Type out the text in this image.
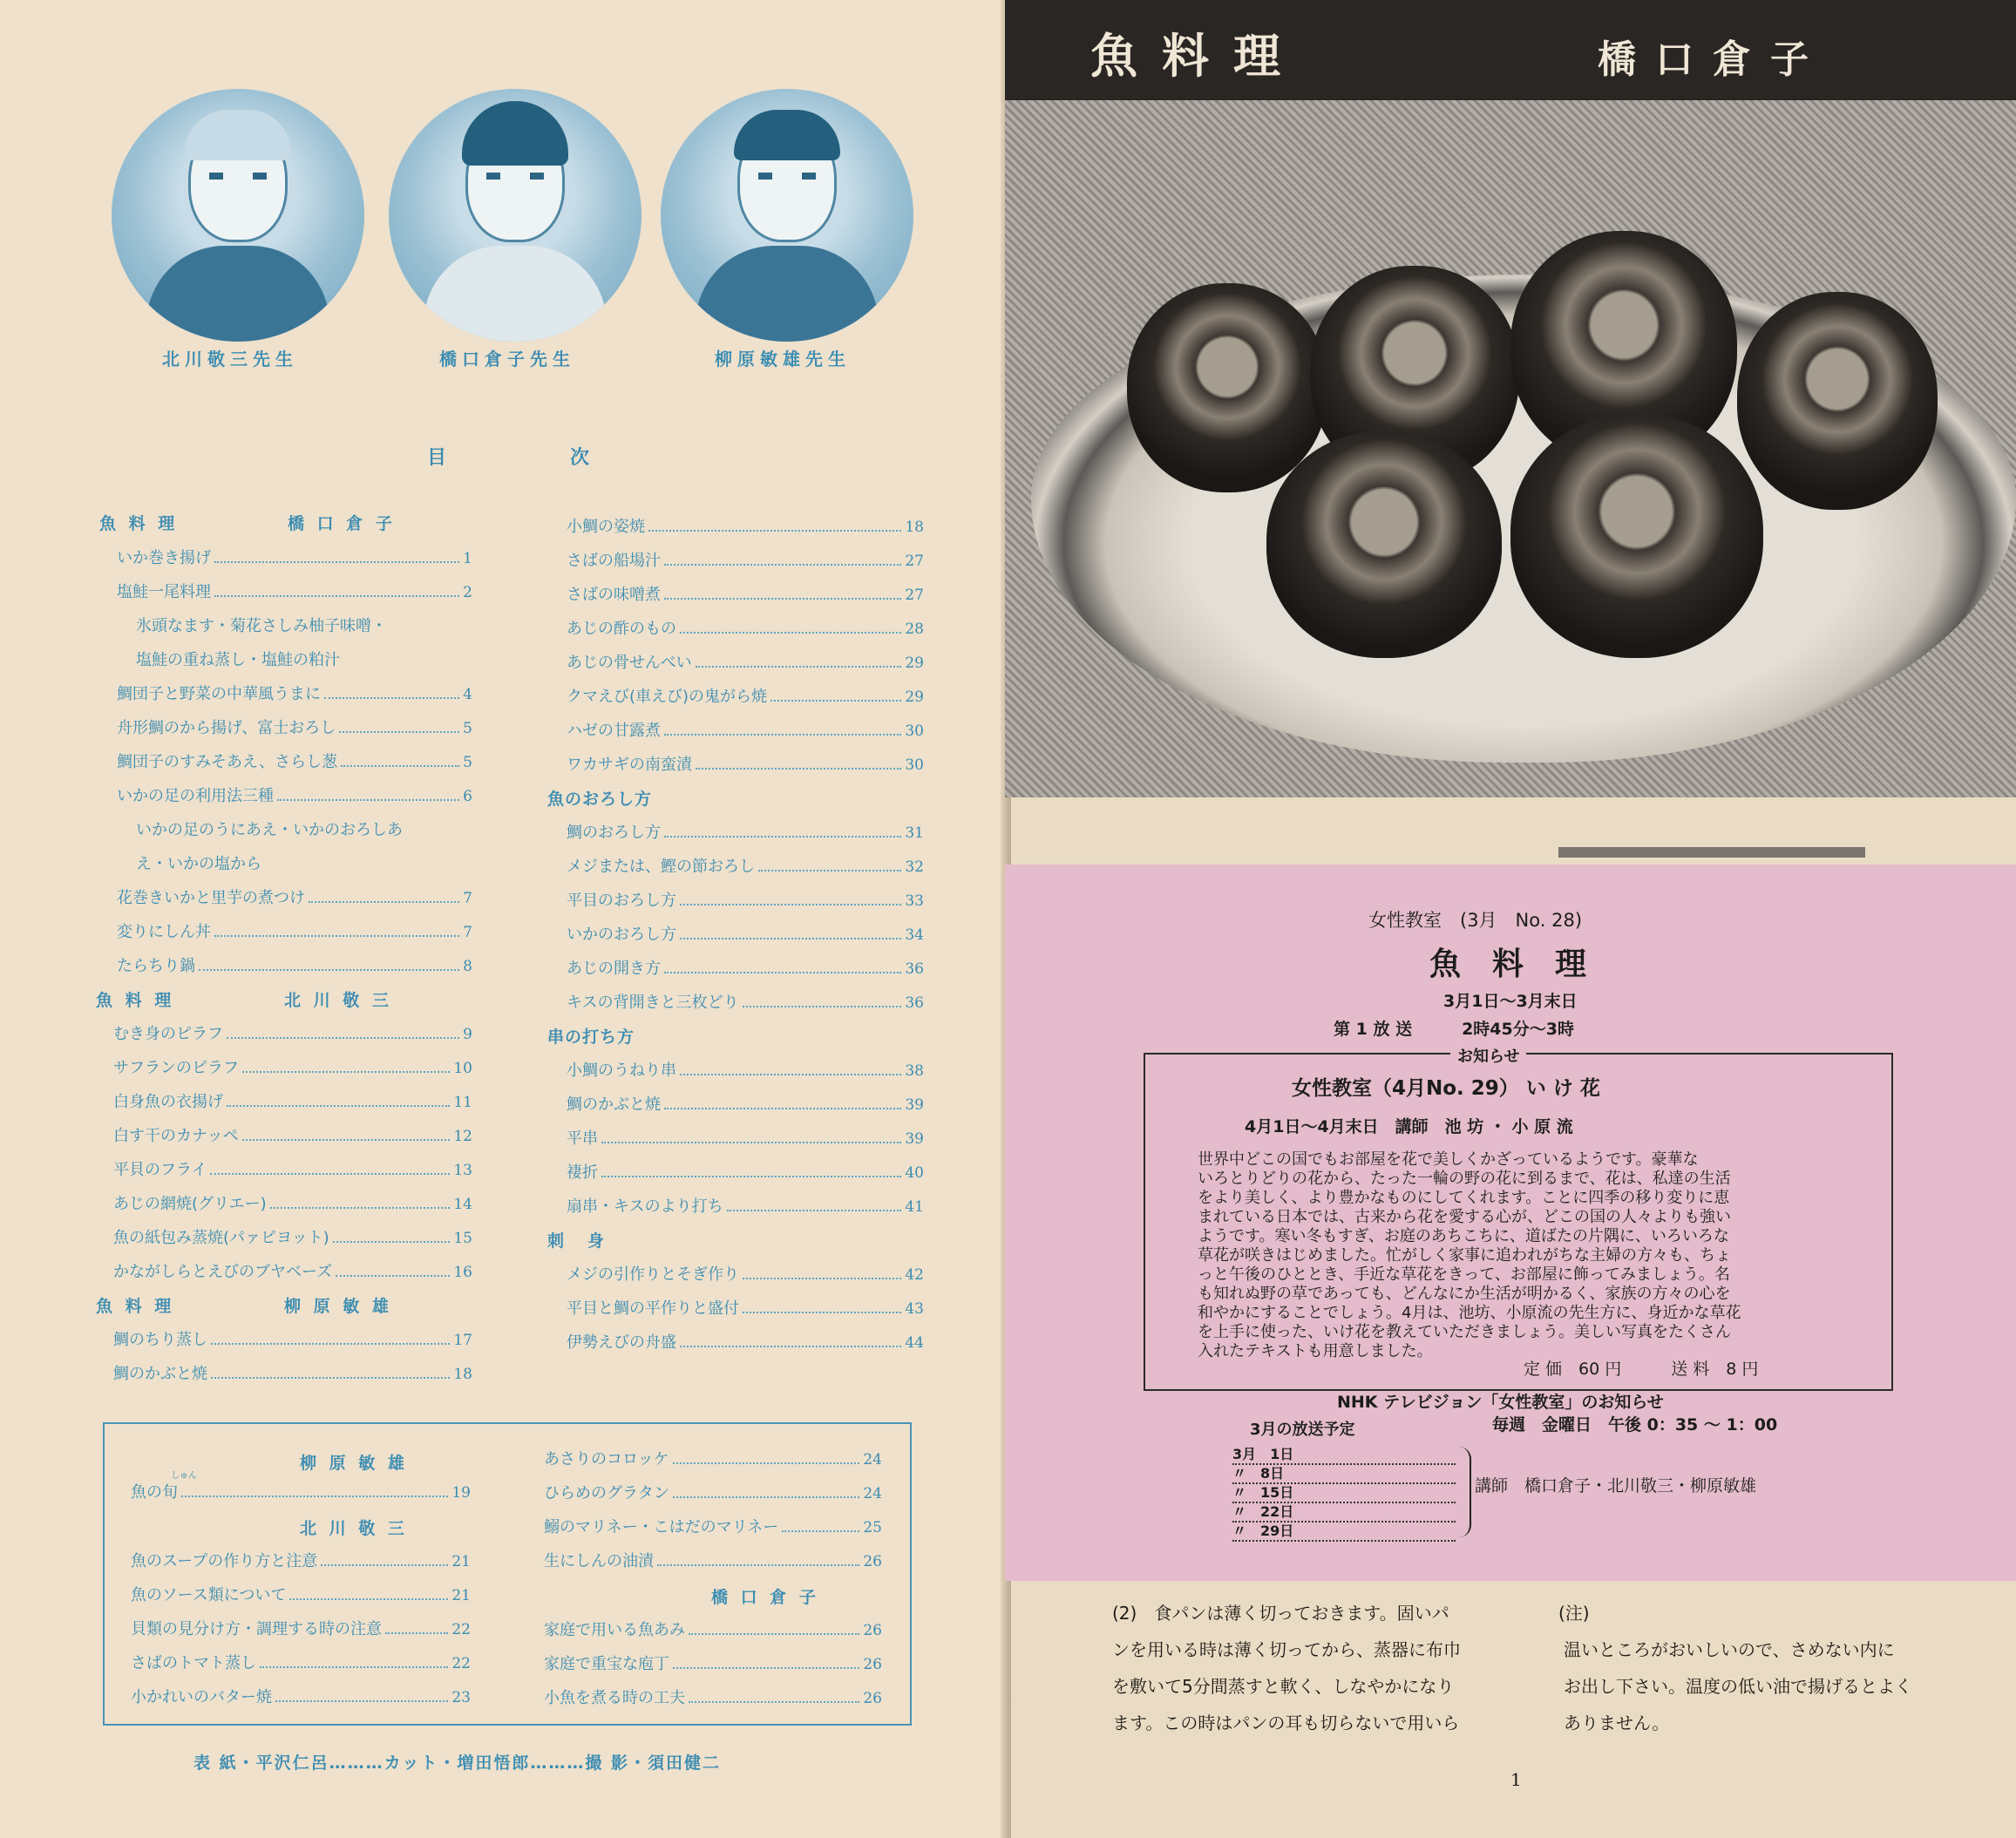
北川敬三先生	橋口倉子先生	柳原敏雄先生
目	次
魚 料 理	橋 口 倉 子
いか巻き揚げ	1
塩鮭一尾料理	2
氷頭なます・菊花さしみ柚子味噌・
塩鮭の重ね蒸し・塩鮭の粕汁
鯛団子と野菜の中華風うまに	4
舟形鯛のから揚げ、富士おろし	5
鯛団子のすみそあえ、さらし葱	5
いかの足の利用法三種	6
いかの足のうにあえ・いかのおろしあ
え・いかの塩から
花巻きいかと里芋の煮つけ	7
変りにしん丼	7
たらちり鍋	8
魚 料 理	北 川 敬 三
むき身のピラフ	9
サフランのピラフ	10
白身魚の衣揚げ	11
白す干のカナッペ	12
平貝のフライ	13
あじの網焼(グリエー)	14
魚の紙包み蒸焼(パァピヨット)	15
かながしらとえびのブヤベーズ	16
魚 料 理	柳 原 敏 雄
鯛のちり蒸し	17
鯛のかぶと焼	18
小鯛の姿焼	18
さばの船場汁	27
さばの味噌煮	27
あじの酢のもの	28
あじの骨せんべい	29
クマえび(車えび)の鬼がら焼	29
ハゼの甘露煮	30
ワカサギの南蛮漬	30
魚のおろし方
鯛のおろし方	31
メジまたは、鰹の節おろし	32
平目のおろし方	33
いかのおろし方	34
あじの開き方	36
キスの背開きと三枚どり	36
串の打ち方
小鯛のうねり串	38
鯛のかぶと焼	39
平串	39
褄折	40
扇串・キスのより打ち	41
刺　身
メジの引作りとそぎ作り	42
平目と鯛の平作りと盛付	43
伊勢えびの舟盛	44
柳 原 敏 雄
しゅん
魚の旬	19
北 川 敬 三
魚のスープの作り方と注意	21
魚のソース類について	21
貝類の見分け方・調理する時の注意	22
さばのトマト蒸し	22
小かれいのバター焼	23
あさりのコロッケ	24
ひらめのグラタン	24
鰯のマリネー・こはだのマリネー	25
生にしんの油漬	26
橋 口 倉 子
家庭で用いる魚あみ	26
家庭で重宝な庖丁	26
小魚を煮る時の工夫	26
表 紙・平沢仁呂………カット・増田悟郎………撮 影・須田健二
魚料理	橋口倉子
女性教室　(3月　No. 28)
魚　料　理
3月1日～3月末日
第 1 放 送　　　2時45分～3時
お知らせ
女性教室（4月No. 29） い け 花
4月1日～4月末日　講師　池 坊 ・ 小 原 流
世界中どこの国でもお部屋を花で美しくかざっているようです。豪華な
いろとりどりの花から、たった一輪の野の花に到るまで、花は、私達の生活
をより美しく、より豊かなものにしてくれます。ことに四季の移り変りに恵
まれている日本では、古来から花を愛する心が、どこの国の人々よりも強い
ようです。寒い冬もすぎ、お庭のあちこちに、道ばたの片隅に、いろいろな
草花が咲きはじめました。忙がしく家事に追われがちな主婦の方々も、ちょ
っと午後のひととき、手近な草花をきって、お部屋に飾ってみましょう。名
も知れぬ野の草であっても、どんなにか生活が明かるく、家族の方々の心を
和やかにすることでしょう。4月は、池坊、小原流の先生方に、身近かな草花
を上手に使った、いけ花を教えていただきましょう。美しい写真をたくさん
入れたテキストも用意しました。
定 価　60 円　　　送 料　8 円
NHK テレビジョン「女性教室」のお知らせ
3月の放送予定	毎週　金曜日　午後 0：35 ～ 1：00
3月　1日
〃　8日
〃　15日
〃　22日
〃　29日
講師　橋口倉子・北川敬三・柳原敏雄
(2)　食パンは薄く切っておきます。固いパ
ンを用いる時は薄く切ってから、蒸器に布巾
を敷いて5分間蒸すと軟く、しなやかになり
ます。この時はパンの耳も切らないで用いら
(注)
温いところがおいしいので、さめない内に
お出し下さい。温度の低い油で揚げるとよく
ありません。
1
